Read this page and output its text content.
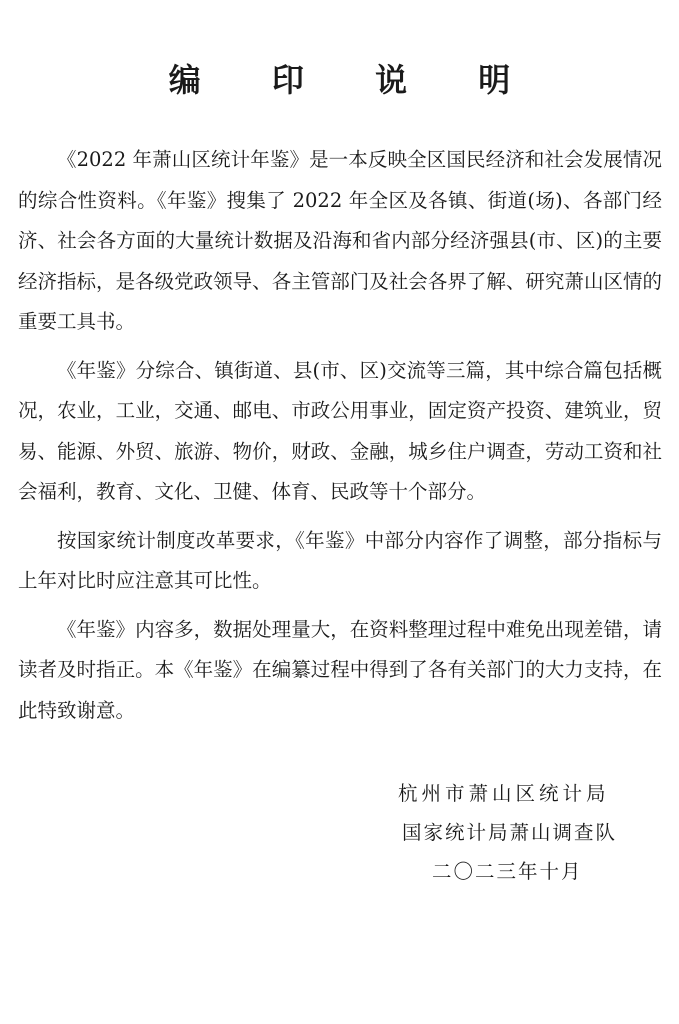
编 印 说 明

《2022 年萧山区统计年鉴》是一本反映全区国民经济和社会发展情况的综合性资料。《年鉴》搜集了 2022 年全区及各镇、街道(场)、各部门经济、社会各方面的大量统计数据及沿海和省内部分经济强县(市、区)的主要经济指标，是各级党政领导、各主管部门及社会各界了解、研究萧山区情的重要工具书。

《年鉴》分综合、镇街道、县(市、区)交流等三篇，其中综合篇包括概况，农业，工业，交通、邮电、市政公用事业，固定资产投资、建筑业，贸易、能源、外贸、旅游、物价，财政、金融，城乡住户调查，劳动工资和社会福利，教育、文化、卫健、体育、民政等十个部分。

按国家统计制度改革要求，《年鉴》中部分内容作了调整，部分指标与上年对比时应注意其可比性。

《年鉴》内容多，数据处理量大，在资料整理过程中难免出现差错，请读者及时指正。本《年鉴》在编纂过程中得到了各有关部门的大力支持，在此特致谢意。

杭州市萧山区统计局

国家统计局萧山调查队

二〇二三年十月
